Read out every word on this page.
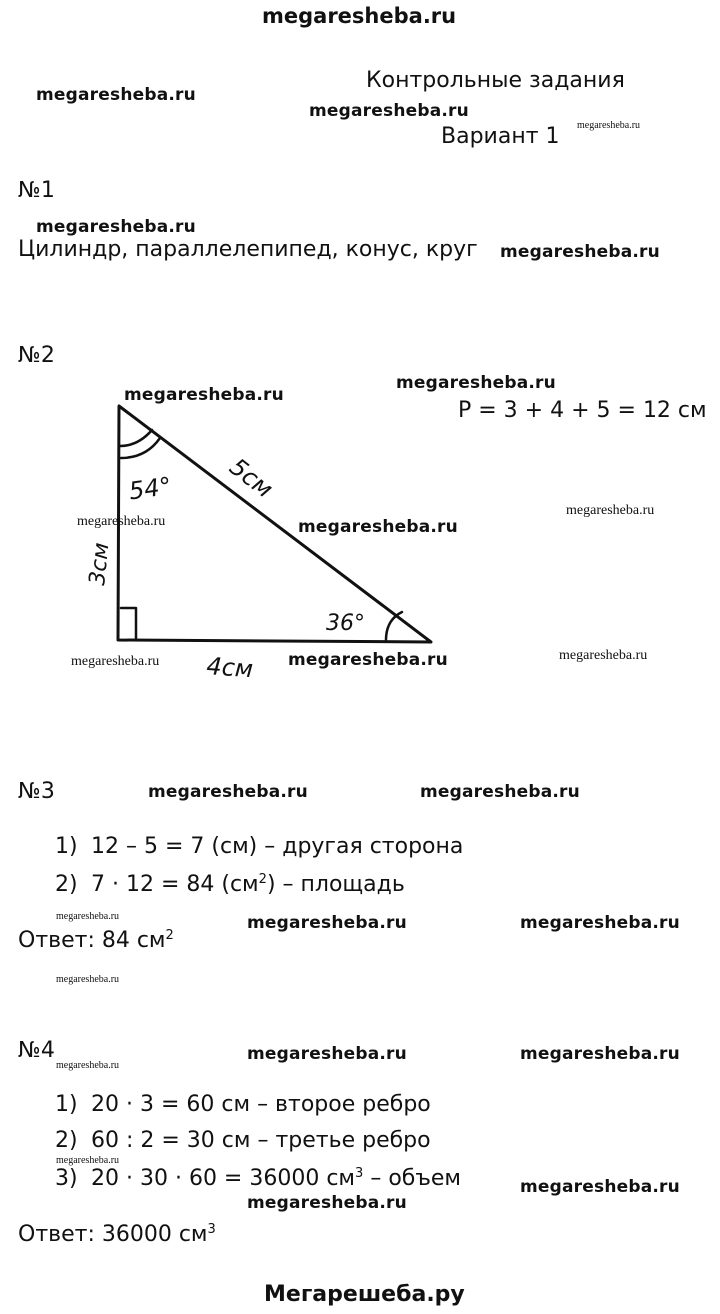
megaresheba.ru
Контрольные задания
Вариант 1
megaresheba.ru
megaresheba.ru
megaresheba.ru
№1
megaresheba.ru
Цилиндр, параллелепипед, конус, круг megaresheba.ru
№2
megaresheba.ru
megaresheba.ru
P = 3 + 4 + 5 = 12 см
54°
36°
5см
3см
4см
megaresheba.ru	megaresheba.ru
megaresheba.ru
megaresheba.ru	megaresheba.ru	megaresheba.ru
№3	megaresheba.ru	megaresheba.ru
1) 12 – 5 = 7 (см) – другая сторона
2) 7 · 12 = 84 $(см^2)$ – площадь
megaresheba.ru	megaresheba.ru	megaresheba.ru
Ответ: 84 $см^2$
megaresheba.ru
№4
megaresheba.ru
megaresheba.ru	megaresheba.ru
1) 20 · 3 = 60 см – второе ребро
2) 60 : 2 = 30 см – третье ребро
megaresheba.ru
3) 20 · 30 · 60 = 36000 $см^3$ – объем	megaresheba.ru
megaresheba.ru
Ответ: 36000 $см^3$
Мегарешеба.ру
